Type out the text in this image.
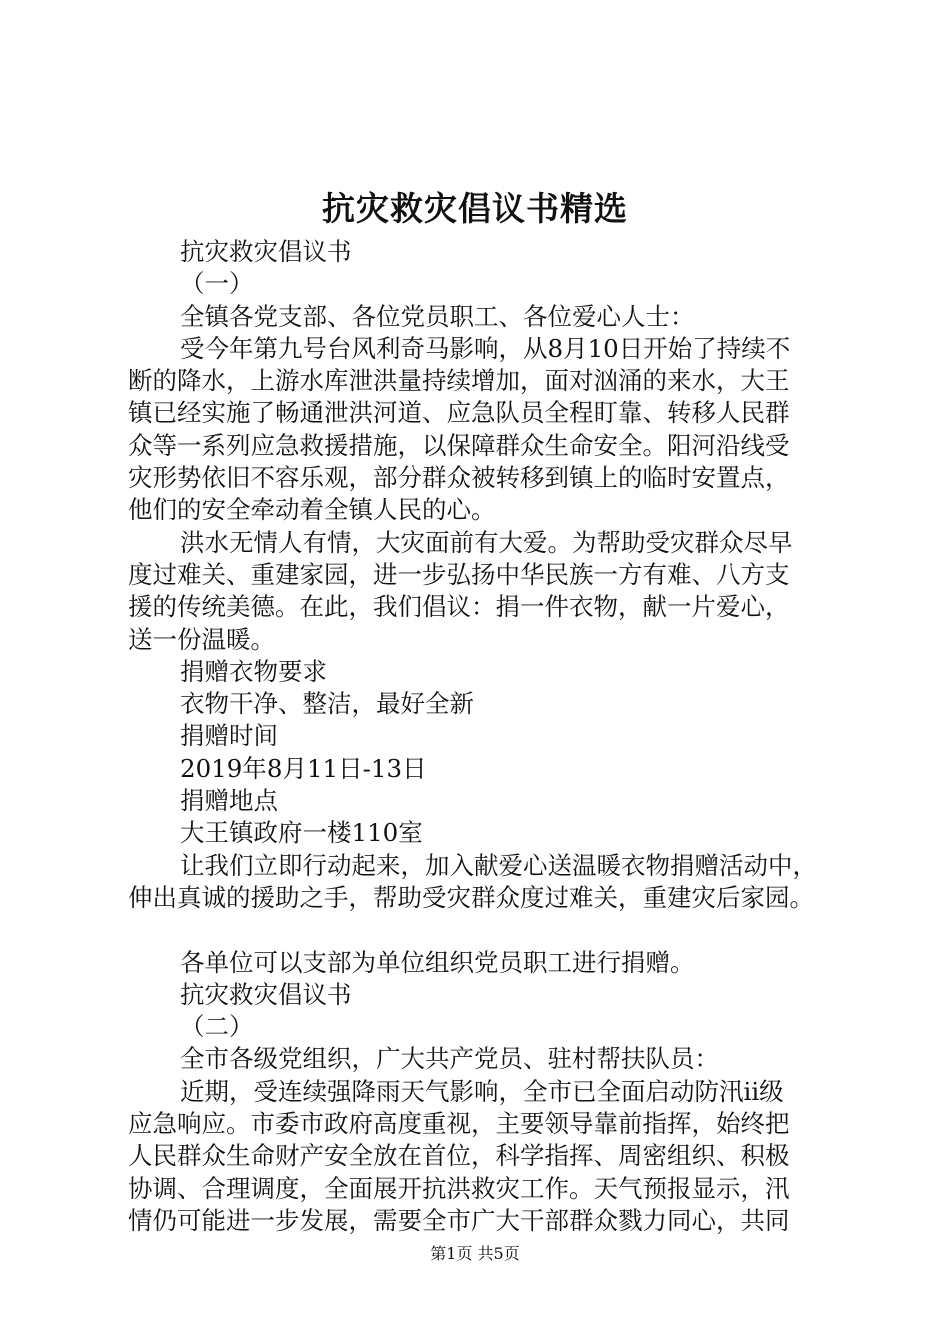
抗灾救灾倡议书精选
抗灾救灾倡议书
（一）
全镇各党支部、各位党员职工、各位爱心人士：
受今年第九号台风利奇马影响，从8月10日开始了持续不
断的降水，上游水库泄洪量持续增加，面对汹涌的来水，大王
镇已经实施了畅通泄洪河道、应急队员全程盯靠、转移人民群
众等一系列应急救援措施，以保障群众生命安全。阳河沿线受
灾形势依旧不容乐观，部分群众被转移到镇上的临时安置点，
他们的安全牵动着全镇人民的心。
洪水无情人有情，大灾面前有大爱。为帮助受灾群众尽早
度过难关、重建家园，进一步弘扬中华民族一方有难、八方支
援的传统美德。在此，我们倡议：捐一件衣物，献一片爱心，
送一份温暖。
捐赠衣物要求
衣物干净、整洁，最好全新
捐赠时间
2019年8月11日-13日
捐赠地点
大王镇政府一楼110室
让我们立即行动起来，加入献爱心送温暖衣物捐赠活动中，
伸出真诚的援助之手，帮助受灾群众度过难关，重建灾后家园。
各单位可以支部为单位组织党员职工进行捐赠。
抗灾救灾倡议书
（二）
全市各级党组织，广大共产党员、驻村帮扶队员：
近期，受连续强降雨天气影响，全市已全面启动防汛ii级
应急响应。市委市政府高度重视，主要领导靠前指挥，始终把
人民群众生命财产安全放在首位，科学指挥、周密组织、积极
协调、合理调度，全面展开抗洪救灾工作。天气预报显示，汛
情仍可能进一步发展，需要全市广大干部群众戮力同心，共同
第1页 共5页
